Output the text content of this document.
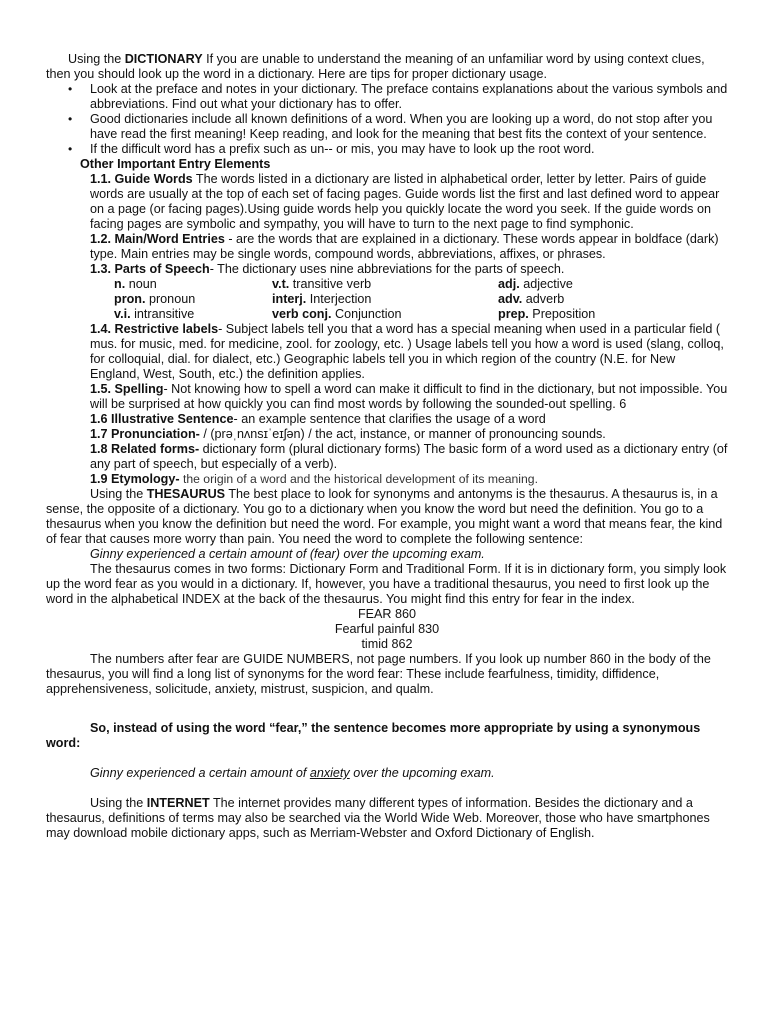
Using the DICTIONARY If you are unable to understand the meaning of an unfamiliar word by using context clues, then you should look up the word in a dictionary. Here are tips for proper dictionary usage.

• Look at the preface and notes in your dictionary. The preface contains explanations about the various symbols and abbreviations. Find out what your dictionary has to offer.
• Good dictionaries include all known definitions of a word. When you are looking up a word, do not stop after you have read the first meaning! Keep reading, and look for the meaning that best fits the context of your sentence.
• If the difficult word has a prefix such as un-- or mis, you may have to look up the root word.

Other Important Entry Elements

1.1. Guide Words The words listed in a dictionary are listed in alphabetical order, letter by letter. Pairs of guide words are usually at the top of each set of facing pages. Guide words list the first and last defined word to appear on a page (or facing pages).Using guide words help you quickly locate the word you seek. If the guide words on facing pages are symbolic and sympathy, you will have to turn to the next page to find symphonic.

1.2. Main/Word Entries - are the words that are explained in a dictionary. These words appear in boldface (dark) type. Main entries may be single words, compound words, abbreviations, affixes, or phrases.

1.3. Parts of Speech- The dictionary uses nine abbreviations for the parts of speech.

n. noun	v.t. transitive verb	adj. adjective
pron. pronoun	interj. Interjection	adv. adverb
v.i. intransitive	verb conj. Conjunction	prep. Preposition

1.4. Restrictive labels- Subject labels tell you that a word has a special meaning when used in a particular field ( mus. for music, med. for medicine, zool. for zoology, etc. ) Usage labels tell you how a word is used (slang, colloq, for colloquial, dial. for dialect, etc.) Geographic labels tell you in which region of the country (N.E. for New England, West, South, etc.) the definition applies.

1.5. Spelling- Not knowing how to spell a word can make it difficult to find in the dictionary, but not impossible. You will be surprised at how quickly you can find most words by following the sounded-out spelling. 6

1.6 Illustrative Sentence- an example sentence that clarifies the usage of a word

1.7 Pronunciation- / (prəˌnʌnsɪˈeɪʃən) / the act, instance, or manner of pronouncing sounds.

1.8 Related forms- dictionary form (plural dictionary forms) The basic form of a word used as a dictionary entry (of any part of speech, but especially of a verb).

1.9 Etymology- the origin of a word and the historical development of its meaning.

Using the THESAURUS The best place to look for synonyms and antonyms is the thesaurus. A thesaurus is, in a sense, the opposite of a dictionary. You go to a dictionary when you know the word but need the definition. You go to a thesaurus when you know the definition but need the word. For example, you might want a word that means fear, the kind of fear that causes more worry than pain. You need the word to complete the following sentence:

Ginny experienced a certain amount of (fear) over the upcoming exam.

The thesaurus comes in two forms: Dictionary Form and Traditional Form. If it is in dictionary form, you simply look up the word fear as you would in a dictionary. If, however, you have a traditional thesaurus, you need to first look up the word in the alphabetical INDEX at the back of the thesaurus. You might find this entry for fear in the index.

FEAR 860

Fearful painful 830

timid 862

The numbers after fear are GUIDE NUMBERS, not page numbers. If you look up number 860 in the body of the thesaurus, you will find a long list of synonyms for the word fear: These include fearfulness, timidity, diffidence, apprehensiveness, solicitude, anxiety, mistrust, suspicion, and qualm.

So, instead of using the word “fear,” the sentence becomes more appropriate by using a synonymous word:

Ginny experienced a certain amount of anxiety over the upcoming exam.

Using the INTERNET The internet provides many different types of information. Besides the dictionary and a thesaurus, definitions of terms may also be searched via the World Wide Web. Moreover, those who have smartphones may download mobile dictionary apps, such as Merriam-Webster and Oxford Dictionary of English.
